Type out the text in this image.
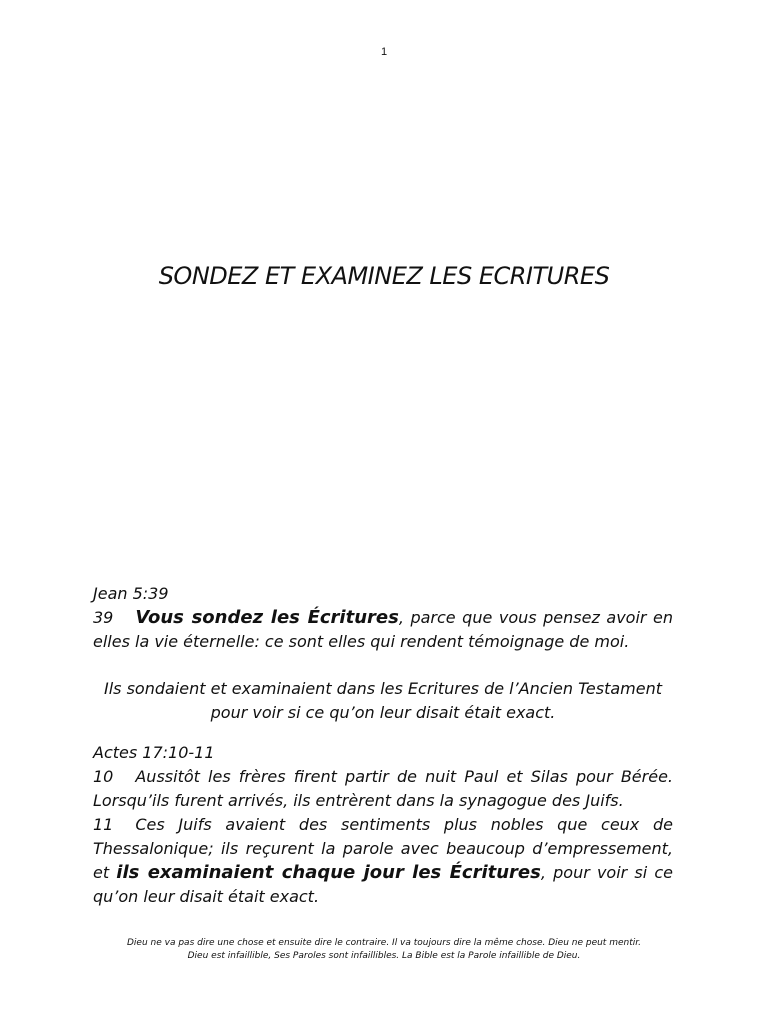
1
SONDEZ ET EXAMINEZ LES ECRITURES
Jean 5:39
39 Vous sondez les Écritures, parce que vous pensez avoir en elles la vie éternelle: ce sont elles qui rendent témoignage de moi.
Ils sondaient et examinaient dans les Ecritures de l’Ancien Testament
pour voir si ce qu’on leur disait était exact.
Actes 17:10-11
10 Aussitôt les frères firent partir de nuit Paul et Silas pour Bérée. Lorsqu’ils furent arrivés, ils entrèrent dans la synagogue des Juifs.
11 Ces Juifs avaient des sentiments plus nobles que ceux de Thessalonique; ils reçurent la parole avec beaucoup d’empressement, et ils examinaient chaque jour les Écritures, pour voir si ce qu’on leur disait était exact.
Dieu ne va pas dire une chose et ensuite dire le contraire. Il va toujours dire la même chose. Dieu ne peut mentir.
Dieu est infaillible, Ses Paroles sont infaillibles. La Bible est la Parole infaillible de Dieu.
